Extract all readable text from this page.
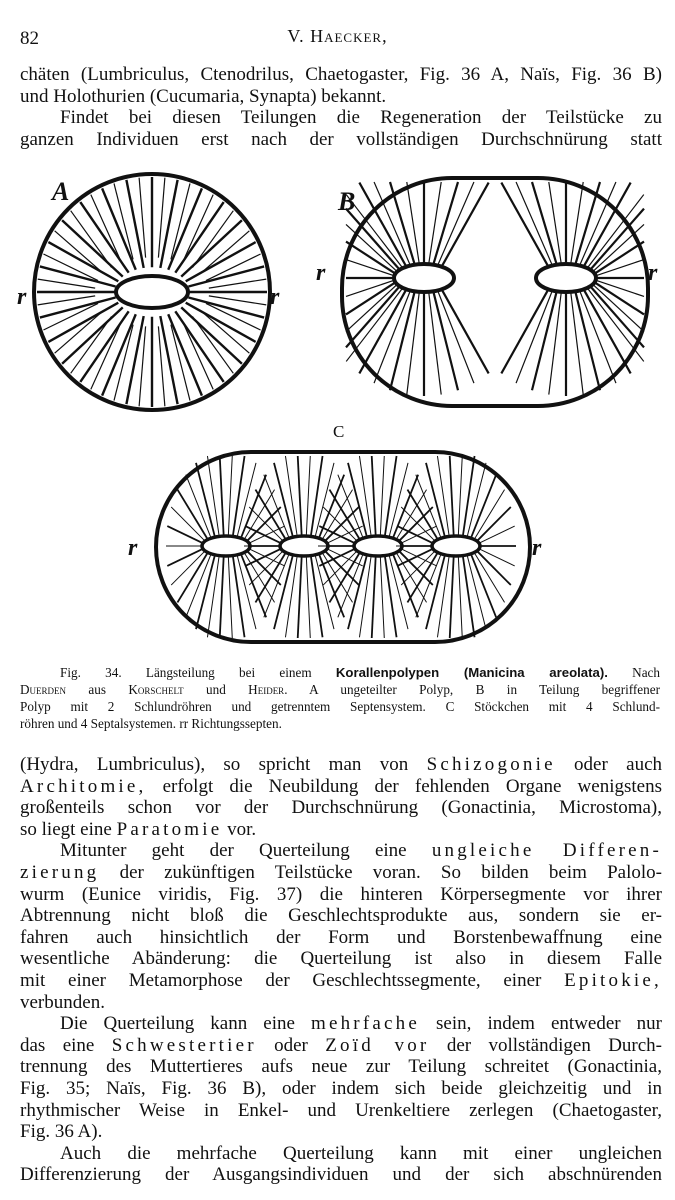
82	V. Haecker,
chäten (Lumbriculus, Ctenodrilus, Chaetogaster, Fig. 36 A, Naïs, Fig. 36 B)
und Holothurien (Cucumaria, Synapta) bekannt.
Findet bei diesen Teilungen die Regeneration der Teilstücke zu
ganzen Individuen erst nach der vollständigen Durchschnürung statt
A	B
C
r	r
r	r
r	r
Fig. 34. Längsteilung bei einem Korallenpolypen (Manicina areolata). Nach
Duerden aus Korschelt und Heider. A ungeteilter Polyp, B in Teilung begriffener
Polyp mit 2 Schlundröhren und getrenntem Septensystem. C Stöckchen mit 4 Schlund-
röhren und 4 Septalsystemen. rr Richtungssepten.
(Hydra, Lumbriculus), so spricht man von Schizogonie oder auch
Architomie, erfolgt die Neubildung der fehlenden Organe wenigstens
großenteils schon vor der Durchschnürung (Gonactinia, Microstoma),
so liegt eine Paratomie vor.
Mitunter geht der Querteilung eine ungleiche Differen-
zierung der zukünftigen Teilstücke voran. So bilden beim Palolo-
wurm (Eunice viridis, Fig. 37) die hinteren Körpersegmente vor ihrer
Abtrennung nicht bloß die Geschlechtsprodukte aus, sondern sie er-
fahren auch hinsichtlich der Form und Borstenbewaffnung eine
wesentliche Abänderung: die Querteilung ist also in diesem Falle
mit einer Metamorphose der Geschlechtssegmente, einer Epitokie,
verbunden.
Die Querteilung kann eine mehrfache sein, indem entweder nur
das eine Schwestertier oder Zoïd vor der vollständigen Durch-
trennung des Muttertieres aufs neue zur Teilung schreitet (Gonactinia,
Fig. 35; Naïs, Fig. 36 B), oder indem sich beide gleichzeitig und in
rhythmischer Weise in Enkel- und Urenkeltiere zerlegen (Chaetogaster,
Fig. 36 A).
Auch die mehrfache Querteilung kann mit einer ungleichen
Differenzierung der Ausgangsindividuen und der sich abschnürenden
